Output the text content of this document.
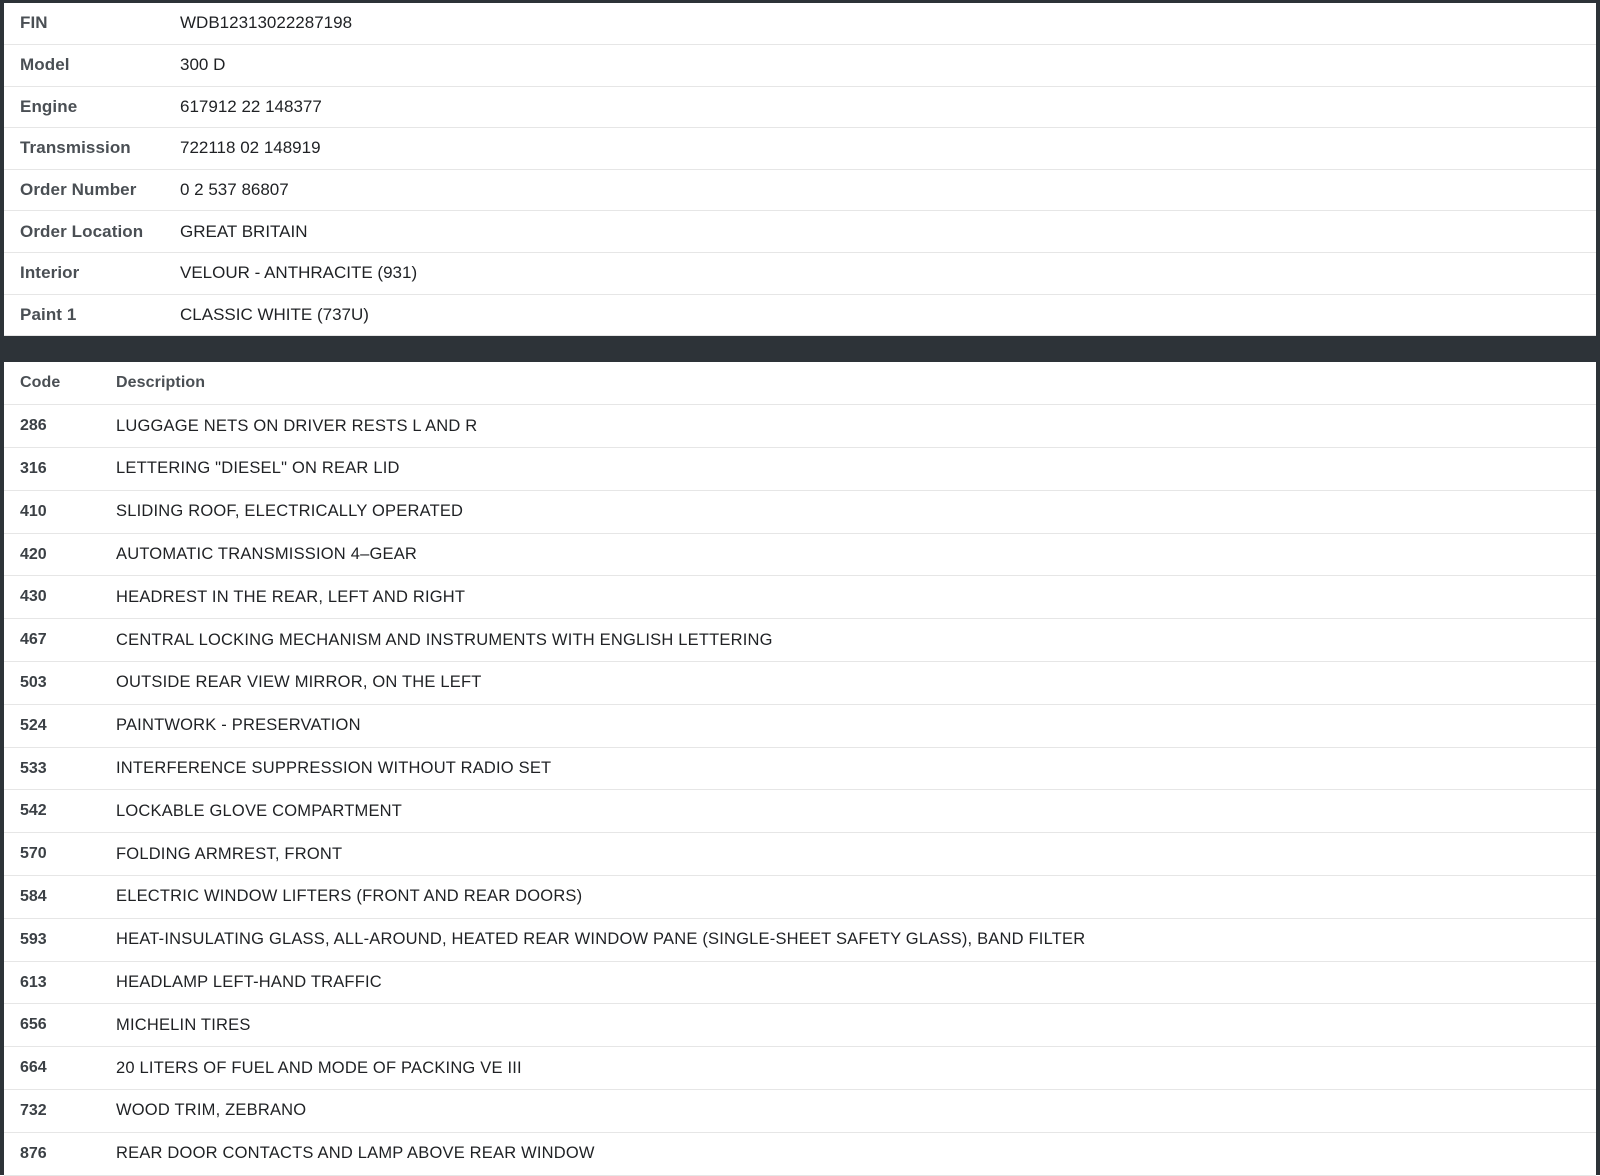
FIN	WDB12313022287198
Model	300 D
Engine	617912 22 148377
Transmission	722118 02 148919
Order Number	0 2 537 86807
Order Location	GREAT BRITAIN
Interior	VELOUR - ANTHRACITE (931)
Paint 1	CLASSIC WHITE (737U)
Code	Description
286	LUGGAGE NETS ON DRIVER RESTS L AND R
316	LETTERING "DIESEL" ON REAR LID
410	SLIDING ROOF, ELECTRICALLY OPERATED
420	AUTOMATIC TRANSMISSION 4–GEAR
430	HEADREST IN THE REAR, LEFT AND RIGHT
467	CENTRAL LOCKING MECHANISM AND INSTRUMENTS WITH ENGLISH LETTERING
503	OUTSIDE REAR VIEW MIRROR, ON THE LEFT
524	PAINTWORK - PRESERVATION
533	INTERFERENCE SUPPRESSION WITHOUT RADIO SET
542	LOCKABLE GLOVE COMPARTMENT
570	FOLDING ARMREST, FRONT
584	ELECTRIC WINDOW LIFTERS (FRONT AND REAR DOORS)
593	HEAT-INSULATING GLASS, ALL-AROUND, HEATED REAR WINDOW PANE (SINGLE-SHEET SAFETY GLASS), BAND FILTER
613	HEADLAMP LEFT-HAND TRAFFIC
656	MICHELIN TIRES
664	20 LITERS OF FUEL AND MODE OF PACKING VE III
732	WOOD TRIM, ZEBRANO
876	REAR DOOR CONTACTS AND LAMP ABOVE REAR WINDOW
